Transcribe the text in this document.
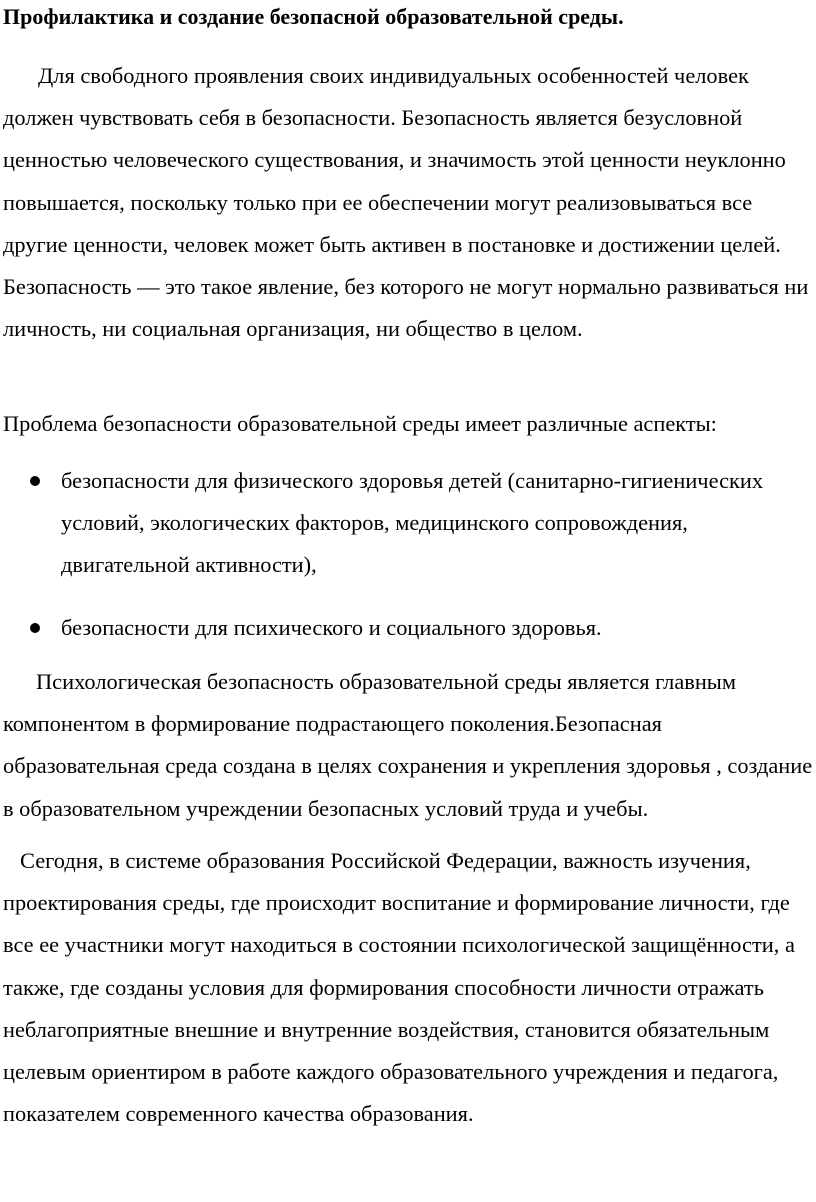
Профилактика и создание безопасной образовательной среды.

Для свободного проявления своих индивидуальных особенностей человек должен чувствовать себя в безопасности. Безопасность является безусловной ценностью человеческого существования, и значимость этой ценности неуклонно повышается, поскольку только при ее обеспечении могут реализовываться все другие ценности, человек может быть активен в постановке и достижении целей. Безопасность — это такое явление, без которого не могут нормально развиваться ни личность, ни социальная организация, ни общество в целом.

Проблема безопасности образовательной среды имеет различные аспекты:

безопасности для физического здоровья детей (санитарно-гигиенических условий, экологических факторов, медицинского сопровождения, двигательной активности),
безопасности для психического и социального здоровья.

Психологическая безопасность образовательной среды является главным компонентом в формирование подрастающего поколения.Безопасная образовательная среда создана в целях сохранения и укрепления здоровья , создание в образовательном учреждении безопасных условий труда и учебы.

Сегодня, в системе образования Российской Федерации, важность изучения, проектирования среды, где происходит воспитание и формирование личности, где все ее участники могут находиться в состоянии психологической защищённости, а также, где созданы условия для формирования способности личности отражать неблагоприятные внешние и внутренние воздействия, становится обязательным целевым ориентиром в работе каждого образовательного учреждения и педагога, показателем современного качества образования.
